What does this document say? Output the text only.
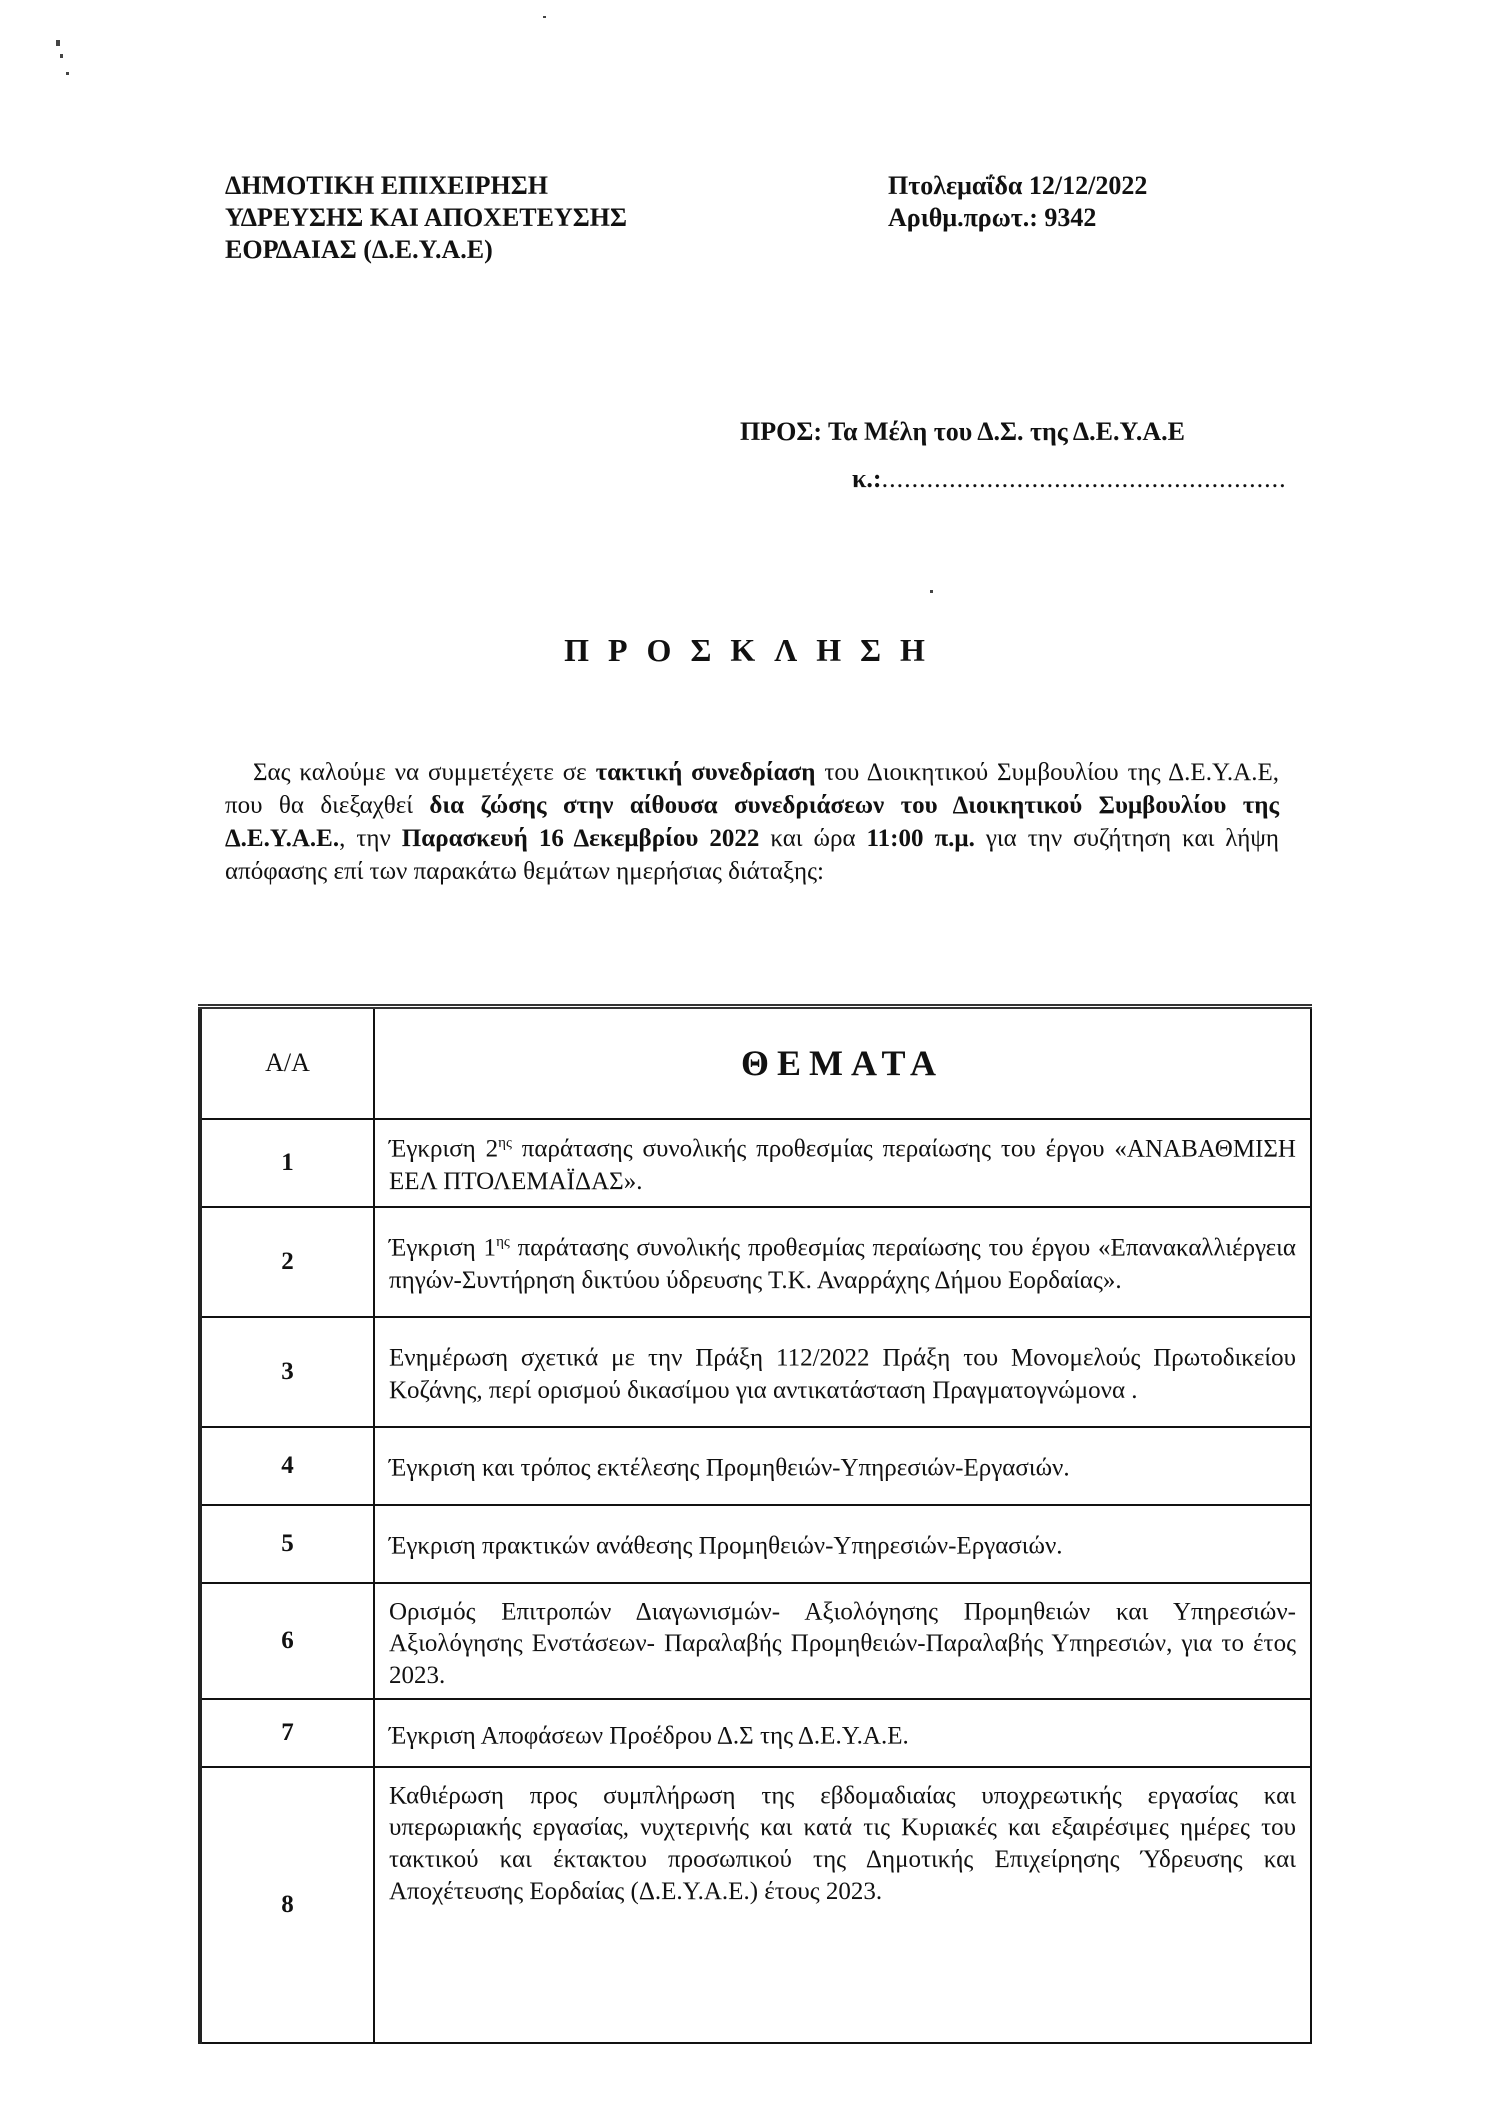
ΔΗΜΟΤΙΚΗ ΕΠΙΧΕΙΡΗΣΗ
ΥΔΡΕΥΣΗΣ ΚΑΙ ΑΠΟΧΕΤΕΥΣΗΣ
ΕΟΡΔΑΙΑΣ (Δ.Ε.Υ.Α.Ε)
Πτολεμαΐδα 12/12/2022
Αριθμ.πρωτ.: 9342
ΠΡΟΣ: Τα Μέλη του Δ.Σ. της Δ.Ε.Υ.Α.Ε
κ.:......................................................
ΠΡΟΣΚΛΗΣΗ
Σας καλούμε να συμμετέχετε σε τακτική συνεδρίαση του Διοικητικού Συμβουλίου της Δ.Ε.Υ.Α.Ε, που θα διεξαχθεί δια ζώσης στην αίθουσα συνεδριάσεων του Διοικητικού Συμβουλίου της Δ.Ε.Υ.Α.Ε., την Παρασκευή 16 Δεκεμβρίου 2022 και ώρα 11:00 π.μ. για την συζήτηση και λήψη απόφασης επί των παρακάτω θεμάτων ημερήσιας διάταξης:
Α/Α	ΘΕΜΑΤΑ
1	Έγκριση $2^{\eta\varsigma}$ παράτασης συνολικής προθεσμίας περαίωσης του έργου «ΑΝΑΒΑΘΜΙΣΗ ΕΕΛ ΠΤΟΛΕΜΑΪΔΑΣ».
2	Έγκριση $1^{\eta\varsigma}$ παράτασης συνολικής προθεσμίας περαίωσης του έργου «Επανακαλλιέργεια πηγών-Συντήρηση δικτύου ύδρευσης Τ.Κ. Αναρράχης Δήμου Εορδαίας».
3	Ενημέρωση σχετικά με την Πράξη 112/2022 Πράξη του Μονομελούς Πρωτοδικείου Κοζάνης, περί ορισμού δικασίμου για αντικατάσταση Πραγματογνώμονα .
4	Έγκριση και τρόπος εκτέλεσης Προμηθειών-Υπηρεσιών-Εργασιών.
5	Έγκριση πρακτικών ανάθεσης Προμηθειών-Υπηρεσιών-Εργασιών.
6	Ορισμός Επιτροπών Διαγωνισμών- Αξιολόγησης Προμηθειών και Υπηρεσιών- Αξιολόγησης Ενστάσεων- Παραλαβής Προμηθειών-Παραλαβής Υπηρεσιών, για το έτος 2023.
7	Έγκριση Αποφάσεων Προέδρου Δ.Σ της Δ.Ε.Υ.Α.Ε.
8	Καθιέρωση προς συμπλήρωση της εβδομαδιαίας υποχρεωτικής εργασίας και υπερωριακής εργασίας, νυχτερινής και κατά τις Κυριακές και εξαιρέσιμες ημέρες του τακτικού και έκτακτου προσωπικού της Δημοτικής Επιχείρησης Ύδρευσης και Αποχέτευσης Εορδαίας (Δ.Ε.Υ.Α.Ε.) έτους 2023.
